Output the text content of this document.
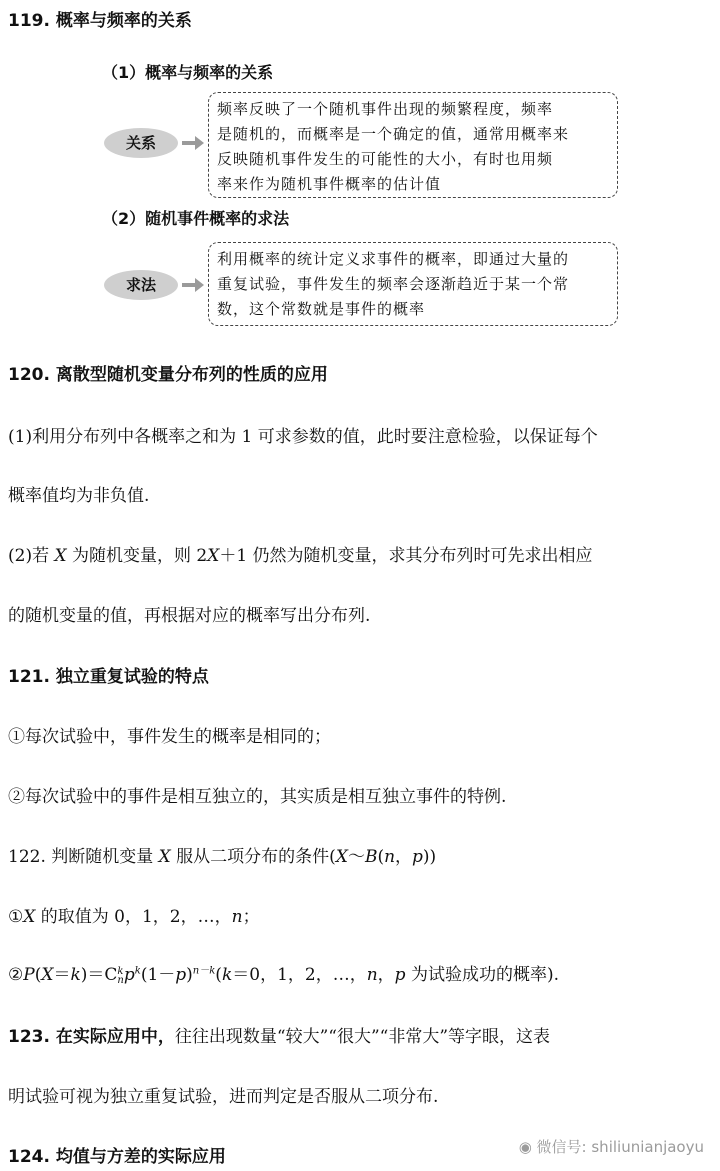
119. 概率与频率的关系
（1）概率与频率的关系
关系
频率反映了一个随机事件出现的频繁程度，频率
是随机的，而概率是一个确定的值，通常用概率来
反映随机事件发生的可能性的大小，有时也用频
率来作为随机事件概率的估计值
（2）随机事件概率的求法
求法
利用概率的统计定义求事件的概率，即通过大量的
重复试验，事件发生的频率会逐渐趋近于某一个常
数，这个常数就是事件的概率
120. 离散型随机变量分布列的性质的应用
(1)利用分布列中各概率之和为 1 可求参数的值，此时要注意检验，以保证每个
概率值均为非负值.
(2)若 X 为随机变量，则 2X＋1 仍然为随机变量，求其分布列时可先求出相应
的随机变量的值，再根据对应的概率写出分布列.
121. 独立重复试验的特点
①每次试验中，事件发生的概率是相同的；
②每次试验中的事件是相互独立的，其实质是相互独立事件的特例.
122. 判断随机变量 X 服从二项分布的条件(X～B(n，p))
①X 的取值为 0，1，2，…，n；
②P(X＝k)＝C k
n $p^k(1-p)^{n-k}(k=0$，1，2，…，n，p 为试验成功的概率).
123. 在实际应用中，往往出现数量“较大”“很大”“非常大”等字眼，这表
明试验可视为独立重复试验，进而判定是否服从二项分布.
124. 均值与方差的实际应用	◉ 微信号: shiliunianjaoyu
